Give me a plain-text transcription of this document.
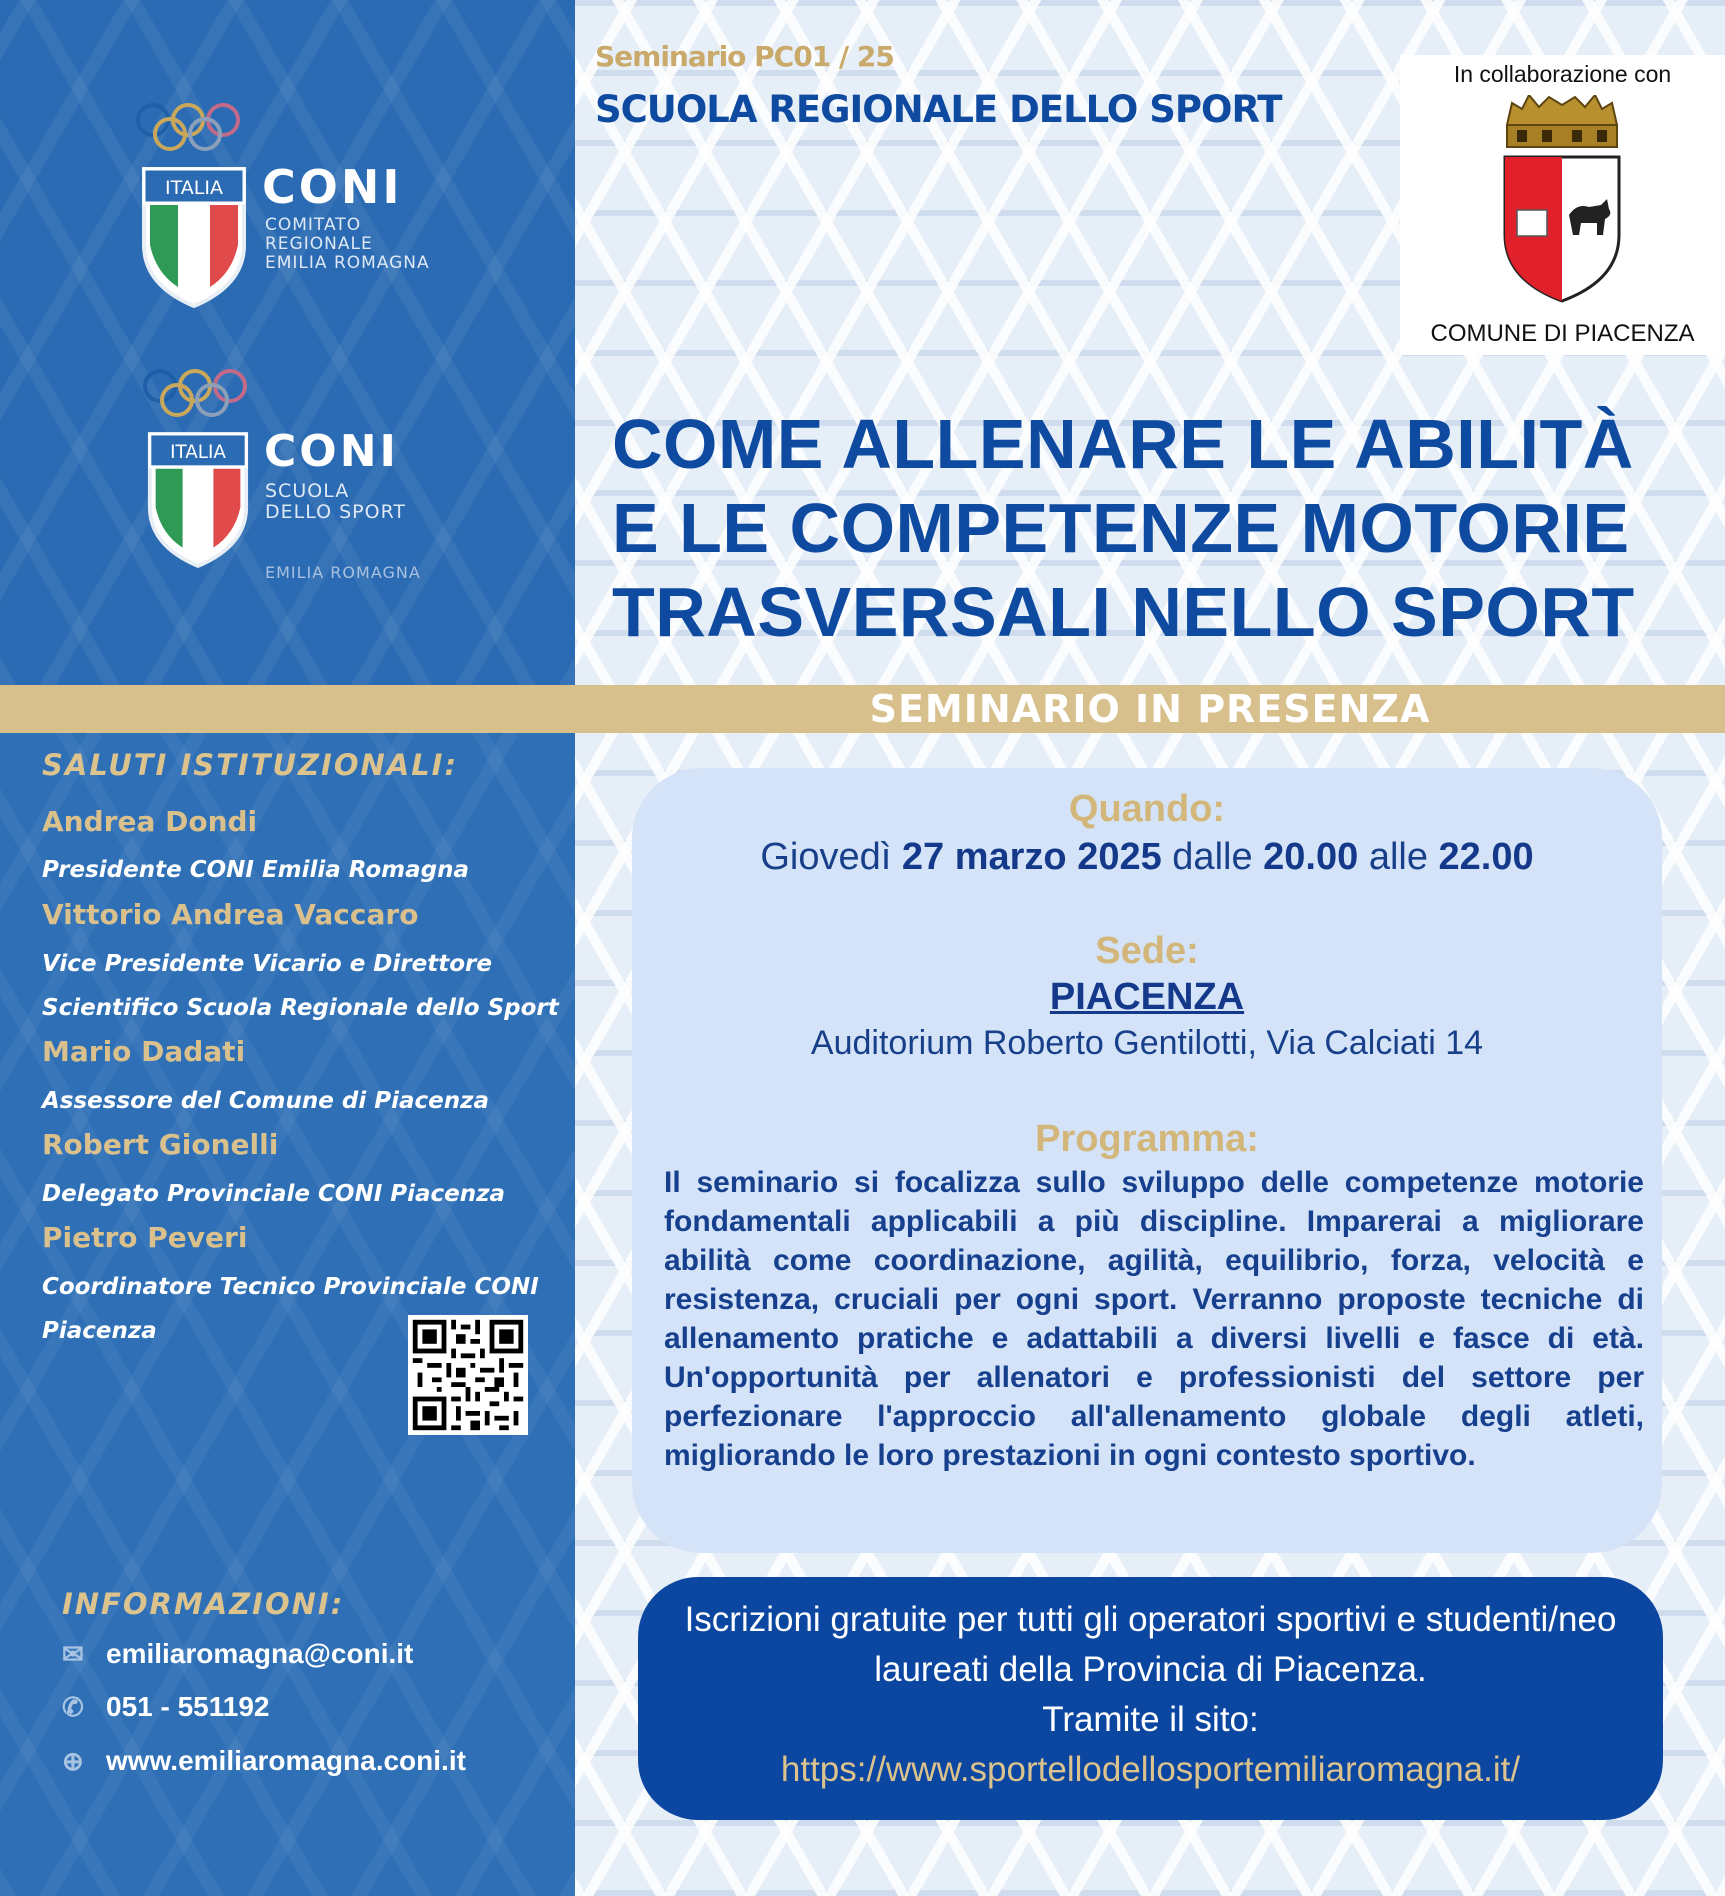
ITALIA CONI
COMITATO
REGIONALE
EMILIA ROMAGNA
ITALIA CONI
SCUOLA
DELLO SPORT
EMILIA ROMAGNA
Seminario PC01 / 25
SCUOLA REGIONALE DELLO SPORT
In collaborazione con
COMUNE DI PIACENZA
COME ALLENARE LE ABILITÀ
E LE COMPETENZE MOTORIE
TRASVERSALI NELLO SPORT
SEMINARIO IN PRESENZA
Quando:
Giovedì 27 marzo 2025 dalle 20.00 alle 22.00
Sede:
PIACENZA
Auditorium Roberto Gentilotti, Via Calciati 14
Programma:
Il seminario si focalizza sullo sviluppo delle competenze motorie fondamentali applicabili a più discipline. Imparerai a migliorare abilità come coordinazione, agilità, equilibrio, forza, velocità e resistenza, cruciali per ogni sport. Verranno proposte tecniche di allenamento pratiche e adattabili a diversi livelli e fasce di età. Un'opportunità per allenatori e professionisti del settore per perfezionare l'approccio all'allenamento globale degli atleti, migliorando le loro prestazioni in ogni contesto sportivo.
Iscrizioni gratuite per tutti gli operatori sportivi e studenti/neo
laureati della Provincia di Piacenza.
Tramite il sito:
https://www.sportellodellosportemiliaromagna.it/
SALUTI ISTITUZIONALI:
Andrea Dondi
Presidente CONI Emilia Romagna
Vittorio Andrea Vaccaro
Vice Presidente Vicario e Direttore
Scientifico Scuola Regionale dello Sport
Mario Dadati
Assessore del Comune di Piacenza
Robert Gionelli
Delegato Provinciale CONI Piacenza
Pietro Peveri
Coordinatore Tecnico Provinciale CONI
Piacenza
INFORMAZIONI:
✉ emiliaromagna@coni.it
✆ 051 - 551192
⊕ www.emiliaromagna.coni.it
